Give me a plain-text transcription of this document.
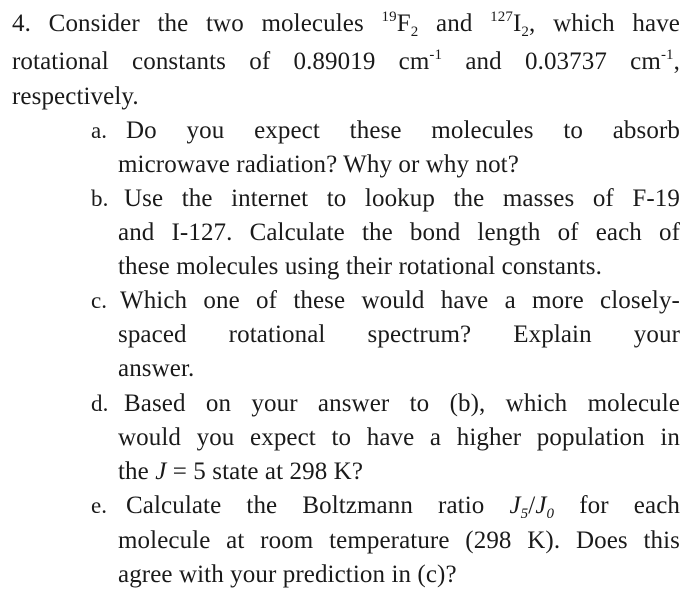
4. Consider the two molecules $^{19}F_2$ and $^{127}I_2$, which have
rotational constants of 0.89019 $cm^{-1}$ and 0.03737 $cm^{-1}$,
respectively.
a. Do you expect these molecules to absorb
microwave radiation? Why or why not?
b. Use the internet to lookup the masses of F-19
and I-127. Calculate the bond length of each of
these molecules using their rotational constants.
c. Which one of these would have a more closely-
spaced rotational spectrum? Explain your
answer.
d. Based on your answer to (b), which molecule
would you expect to have a higher population in
the J = 5 state at 298 K?
e. Calculate the Boltzmann ratio $J_5/J_0$ for each
molecule at room temperature (298 K). Does this
agree with your prediction in (c)?
